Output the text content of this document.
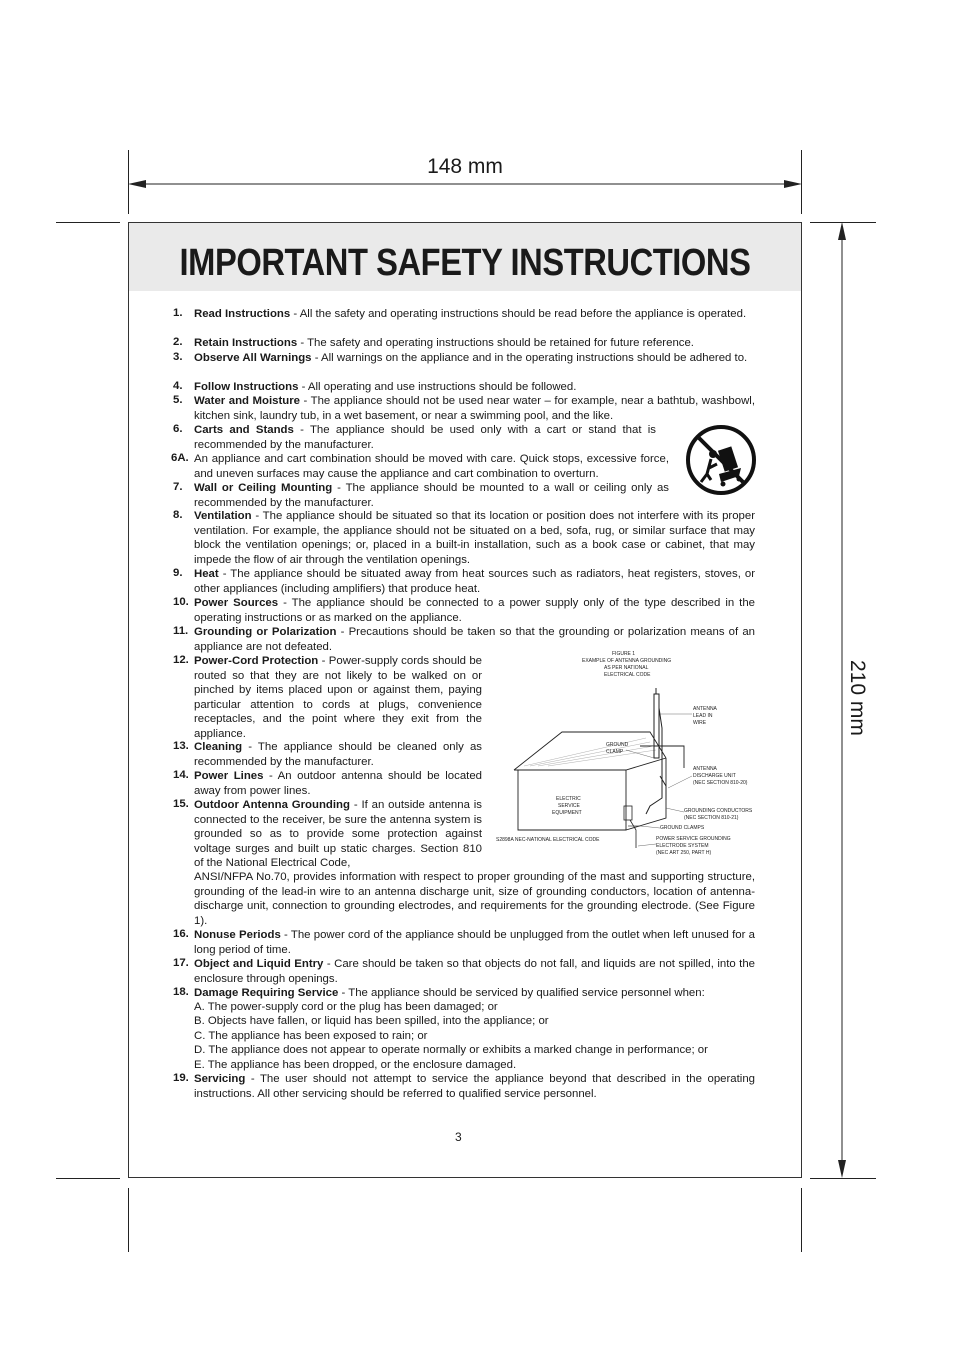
148 mm
210 mm
IMPORTANT SAFETY INSTRUCTIONS
1. Read Instructions - All the safety and operating instructions should be read before the appliance is operated.
2. Retain Instructions - The safety and operating instructions should be retained for future reference.
3. Observe All Warnings - All warnings on the appliance and in the operating instructions should be adhered to.
4. Follow Instructions - All operating and use instructions should be followed.
5. Water and Moisture - The appliance should not be used near water – for example, near a bathtub, washbowl, kitchen sink, laundry tub, in a wet basement, or near a swimming pool, and the like.
6. Carts and Stands - The appliance should be used only with a cart or stand that is recommended by the manufacturer.
6A. An appliance and cart combination should be moved with care. Quick stops, excessive force, and uneven surfaces may cause the appliance and cart combination to overturn.
7. Wall or Ceiling Mounting - The appliance should be mounted to a wall or ceiling only as recommended by the manufacturer.
8. Ventilation - The appliance should be situated so that its location or position does not interfere with its proper ventilation. For example, the appliance should not be situated on a bed, sofa, rug, or similar surface that may block the ventilation openings; or, placed in a built-in installation, such as a book case or cabinet, that may impede the flow of air through the ventilation openings.
9. Heat - The appliance should be situated away from heat sources such as radiators, heat registers, stoves, or other appliances (including amplifiers) that produce heat.
10. Power Sources - The appliance should be connected to a power supply only of the type described in the operating instructions or as marked on the appliance.
11. Grounding or Polarization - Precautions should be taken so that the grounding or polarization means of an appliance are not defeated.
12. Power-Cord Protection - Power-supply cords should be routed so that they are not likely to be walked on or pinched by items placed upon or against them, paying particular attention to cords at plugs, convenience receptacles, and the point where they exit from the appliance.
13. Cleaning - The appliance should be cleaned only as recommended by the manufacturer.
14. Power Lines - An outdoor antenna should be located away from power lines.
15. Outdoor Antenna Grounding - If an outside antenna is connected to the receiver, be sure the antenna system is grounded so as to provide some protection against voltage surges and built up static charges. Section 810 of the National Electrical Code,
ANSI/NFPA No.70, provides information with respect to proper grounding of the mast and supporting structure, grounding of the lead-in wire to an antenna discharge unit, size of grounding conductors, location of antenna-discharge unit, connection to grounding electrodes, and requirements for the grounding electrode. (See Figure 1).
16. Nonuse Periods - The power cord of the appliance should be unplugged from the outlet when left unused for a long period of time.
17. Object and Liquid Entry - Care should be taken so that objects do not fall, and liquids are not spilled, into the enclosure through openings.
18. Damage Requiring Service - The appliance should be serviced by qualified service personnel when:
19. Servicing - The user should not attempt to service the appliance beyond that described in the operating instructions. All other servicing should be referred to qualified service personnel.
A. The power-supply cord or the plug has been damaged; or
B. Objects have fallen, or liquid has been spilled, into the appliance; or
C. The appliance has been exposed to rain; or
D. The appliance does not appear to operate normally or exhibits a marked change in performance; or
E. The appliance has been dropped, or the enclosure damaged.
FIGURE 1
EXAMPLE OF ANTENNA GROUNDING
AS PER NATIONAL
ELECTRICAL CODE
ANTENNA
LEAD IN
WIRE
GROUND
CLAMP
ANTENNA
DISCHARGE UNIT
(NEC SECTION 810-20)
ELECTRIC
SERVICE
EQUIPMENT	GROUNDING CONDUCTORS
(NEC SECTION 810-21)
GROUND CLAMPS
S2898A NEC-NATIONAL ELECTRICAL CODE	POWER SERVICE GROUNDING
ELECTRODE SYSTEM
(NEC ART 250, PART H)
3
